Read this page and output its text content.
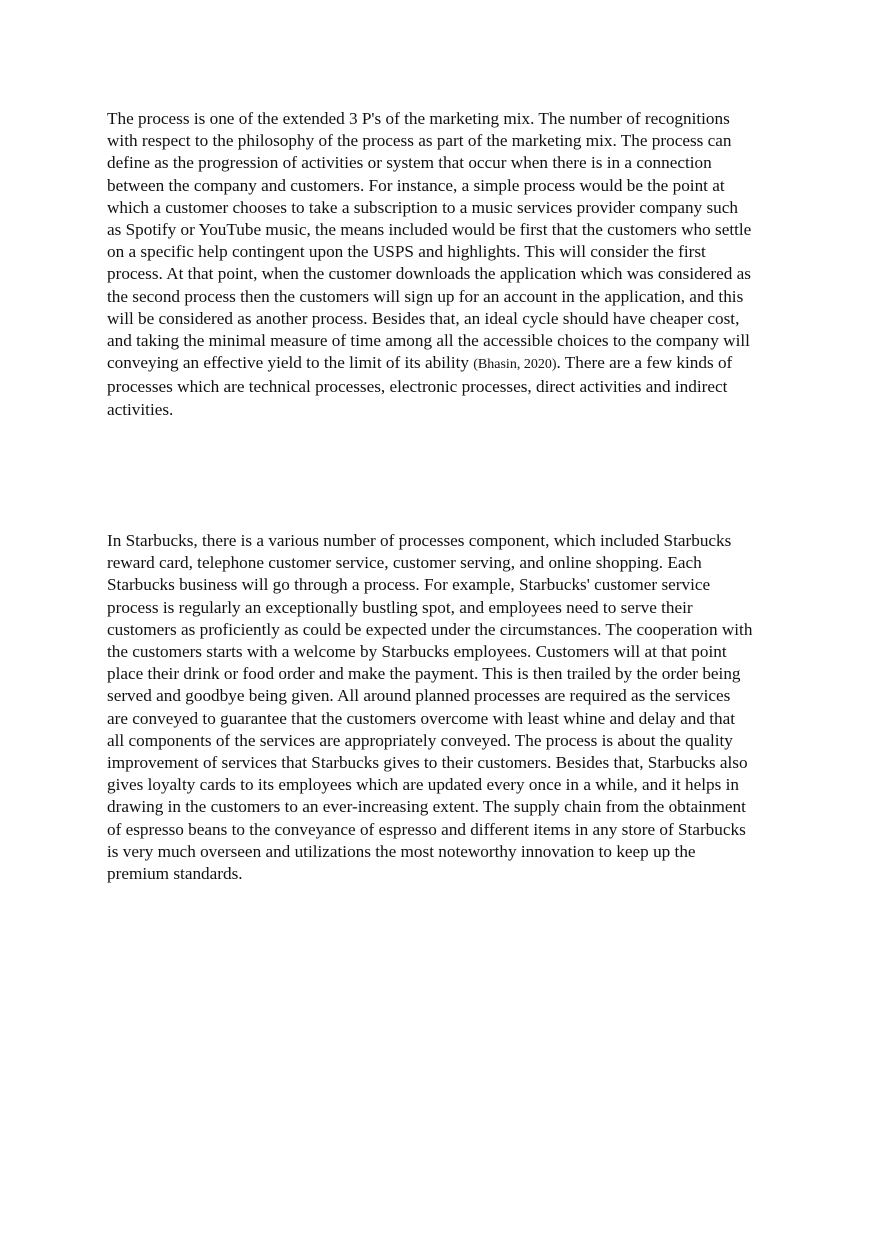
The process is one of the extended 3 P's of the marketing mix. The number of recognitions
with respect to the philosophy of the process as part of the marketing mix. The process can
define as the progression of activities or system that occur when there is in a connection
between the company and customers. For instance, a simple process would be the point at
which a customer chooses to take a subscription to a music services provider company such
as Spotify or YouTube music, the means included would be first that the customers who settle
on a specific help contingent upon the USPS and highlights. This will consider the first
process. At that point, when the customer downloads the application which was considered as
the second process then the customers will sign up for an account in the application, and this
will be considered as another process. Besides that, an ideal cycle should have cheaper cost,
and taking the minimal measure of time among all the accessible choices to the company will
conveying an effective yield to the limit of its ability (Bhasin, 2020). There are a few kinds of
processes which are technical processes, electronic processes, direct activities and indirect
activities.

In Starbucks, there is a various number of processes component, which included Starbucks
reward card, telephone customer service, customer serving, and online shopping. Each
Starbucks business will go through a process. For example, Starbucks' customer service
process is regularly an exceptionally bustling spot, and employees need to serve their
customers as proficiently as could be expected under the circumstances. The cooperation with
the customers starts with a welcome by Starbucks employees. Customers will at that point
place their drink or food order and make the payment. This is then trailed by the order being
served and goodbye being given. All around planned processes are required as the services
are conveyed to guarantee that the customers overcome with least whine and delay and that
all components of the services are appropriately conveyed. The process is about the quality
improvement of services that Starbucks gives to their customers. Besides that, Starbucks also
gives loyalty cards to its employees which are updated every once in a while, and it helps in
drawing in the customers to an ever-increasing extent. The supply chain from the obtainment
of espresso beans to the conveyance of espresso and different items in any store of Starbucks
is very much overseen and utilizations the most noteworthy innovation to keep up the
premium standards.
